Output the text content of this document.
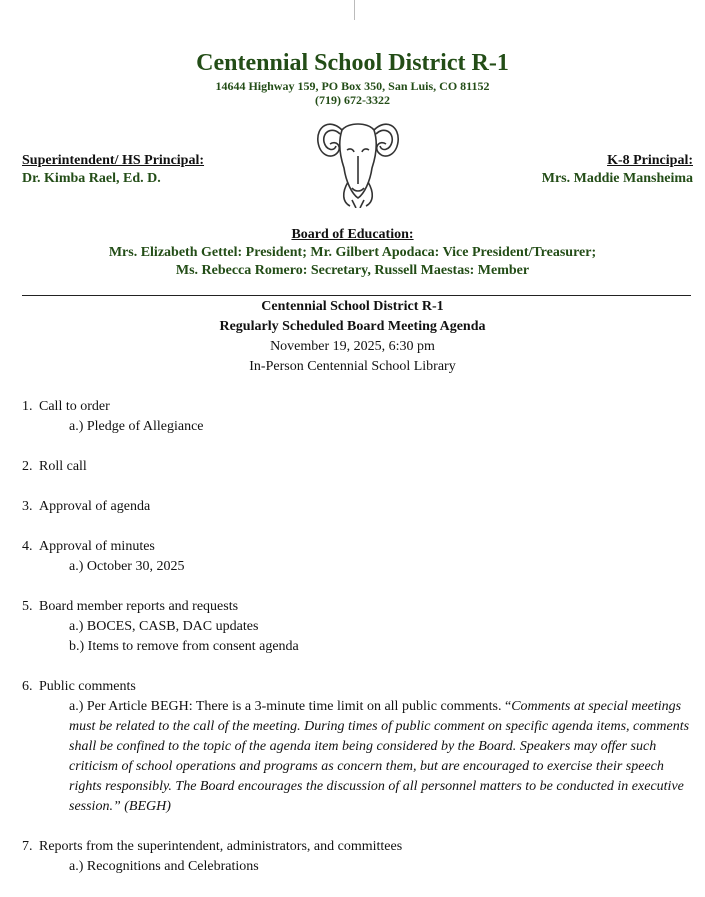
Centennial School District R-1
14644 Highway 159, PO Box 350, San Luis, CO 81152
(719) 672-3322
Superintendent/ HS Principal:
Dr. Kimba Rael, Ed. D.
K-8 Principal:
Mrs. Maddie Mansheima
Board of Education:
Mrs. Elizabeth Gettel: President; Mr. Gilbert Apodaca: Vice President/Treasurer;
Ms. Rebecca Romero: Secretary, Russell Maestas: Member
Centennial School District R-1
Regularly Scheduled Board Meeting Agenda
November 19, 2025, 6:30 pm
In-Person Centennial School Library
1. Call to order
a.) Pledge of Allegiance
2. Roll call
3. Approval of agenda
4. Approval of minutes
a.) October 30, 2025
5. Board member reports and requests
a.) BOCES, CASB, DAC updates
b.) Items to remove from consent agenda
6. Public comments
a.) Per Article BEGH: There is a 3-minute time limit on all public comments. “Comments at special meetings must be related to the call of the meeting. During times of public comment on specific agenda items, comments shall be confined to the topic of the agenda item being considered by the Board. Speakers may offer such criticism of school operations and programs as concern them, but are encouraged to exercise their speech rights responsibly. The Board encourages the discussion of all personnel matters to be conducted in executive session.” (BEGH)
7. Reports from the superintendent, administrators, and committees
a.) Recognitions and Celebrations
